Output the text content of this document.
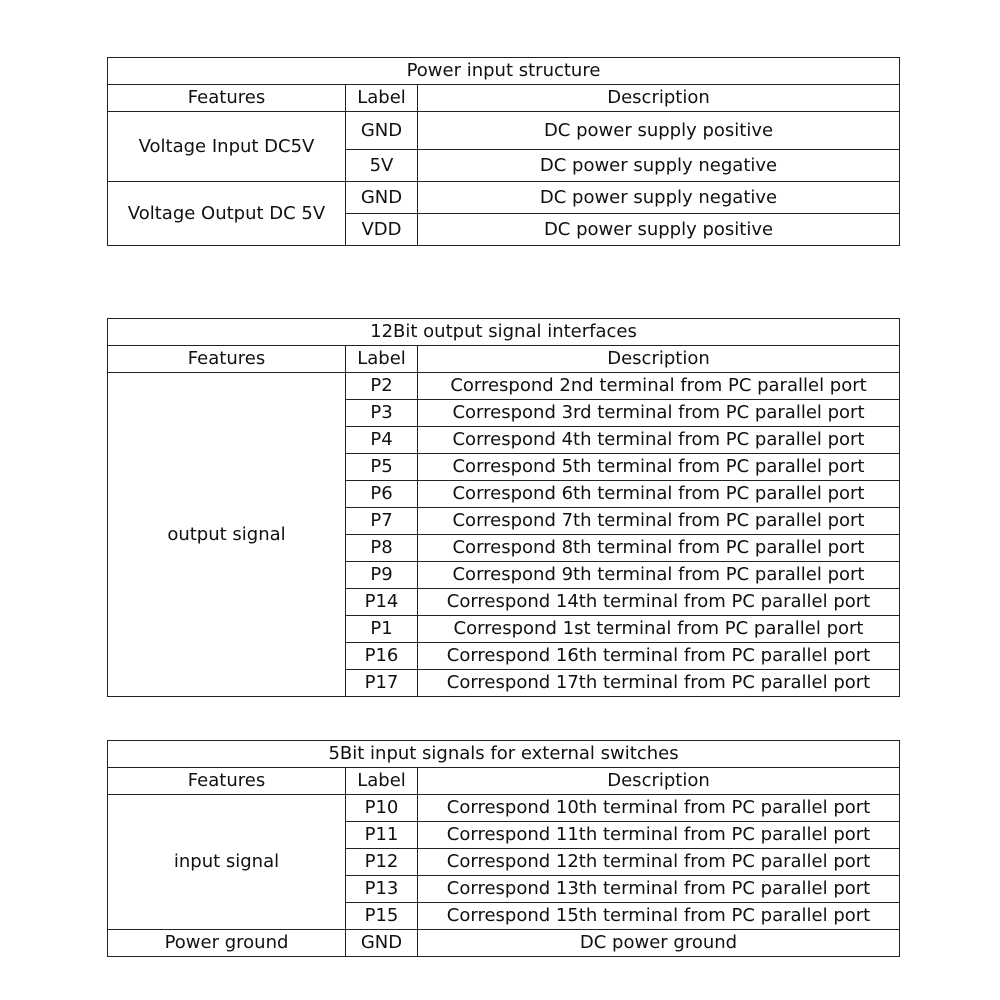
Power input structure		
Features	Label	Description
Voltage Input DC5V	GND	DC power supply positive
	5V	DC power supply negative
Voltage Output DC 5V	GND	DC power supply negative
	VDD	DC power supply positive
12Bit output signal interfaces		
Features	Label	Description
output signal	P2	Correspond 2nd terminal from PC parallel port
	P3	Correspond 3rd terminal from PC parallel port
	P4	Correspond 4th terminal from PC parallel port
	P5	Correspond 5th terminal from PC parallel port
	P6	Correspond 6th terminal from PC parallel port
	P7	Correspond 7th terminal from PC parallel port
	P8	Correspond 8th terminal from PC parallel port
	P9	Correspond 9th terminal from PC parallel port
	P14	Correspond 14th terminal from PC parallel port
	P1	Correspond 1st terminal from PC parallel port
	P16	Correspond 16th terminal from PC parallel port
	P17	Correspond 17th terminal from PC parallel port
5Bit input signals for external switches		
Features	Label	Description
input signal	P10	Correspond 10th terminal from PC parallel port
	P11	Correspond 11th terminal from PC parallel port
	P12	Correspond 12th terminal from PC parallel port
	P13	Correspond 13th terminal from PC parallel port
	P15	Correspond 15th terminal from PC parallel port
Power ground	GND	DC power ground
